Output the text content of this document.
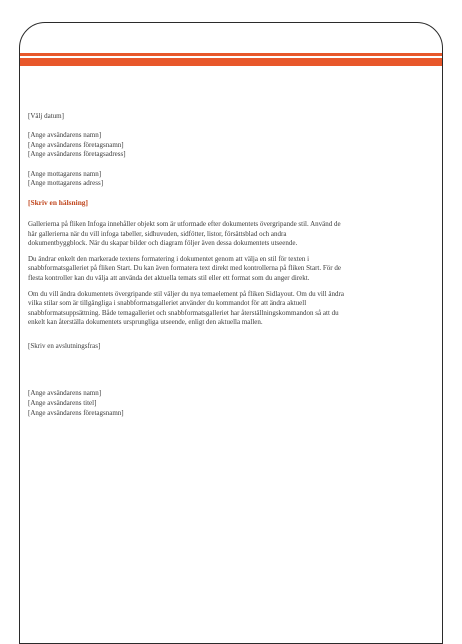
[Välj datum]
[Ange avsändarens namn]
[Ange avsändarens företagsnamn]
[Ange avsändarens företagsadress]
[Ange mottagarens namn]
[Ange mottagarens adress]
[Skriv en hälsning]
Gallerierna på fliken Infoga innehåller objekt som är utformade efter dokumentets övergripande stil. Använd de
här gallerierna när du vill infoga tabeller, sidhuvuden, sidfötter, listor, försättsblad och andra
dokumentbyggblock. När du skapar bilder och diagram följer även dessa dokumentets utseende.
Du ändrar enkelt den markerade textens formatering i dokumentet genom att välja en stil för texten i
snabbformatsgalleriet på fliken Start. Du kan även formatera text direkt med kontrollerna på fliken Start. För de
flesta kontroller kan du välja att använda det aktuella temats stil eller ett format som du anger direkt.
Om du vill ändra dokumentets övergripande stil väljer du nya temaelement på fliken Sidlayout. Om du vill ändra
vilka stilar som är tillgängliga i snabbformatsgalleriet använder du kommandot för att ändra aktuell
snabbformatsuppsättning. Både temagalleriet och snabbformatsgalleriet har återställningskommandon så att du
enkelt kan återställa dokumentets ursprungliga utseende, enligt den aktuella mallen.
[Skriv en avslutningsfras]
[Ange avsändarens namn]
[Ange avsändarens titel]
[Ange avsändarens företagsnamn]
